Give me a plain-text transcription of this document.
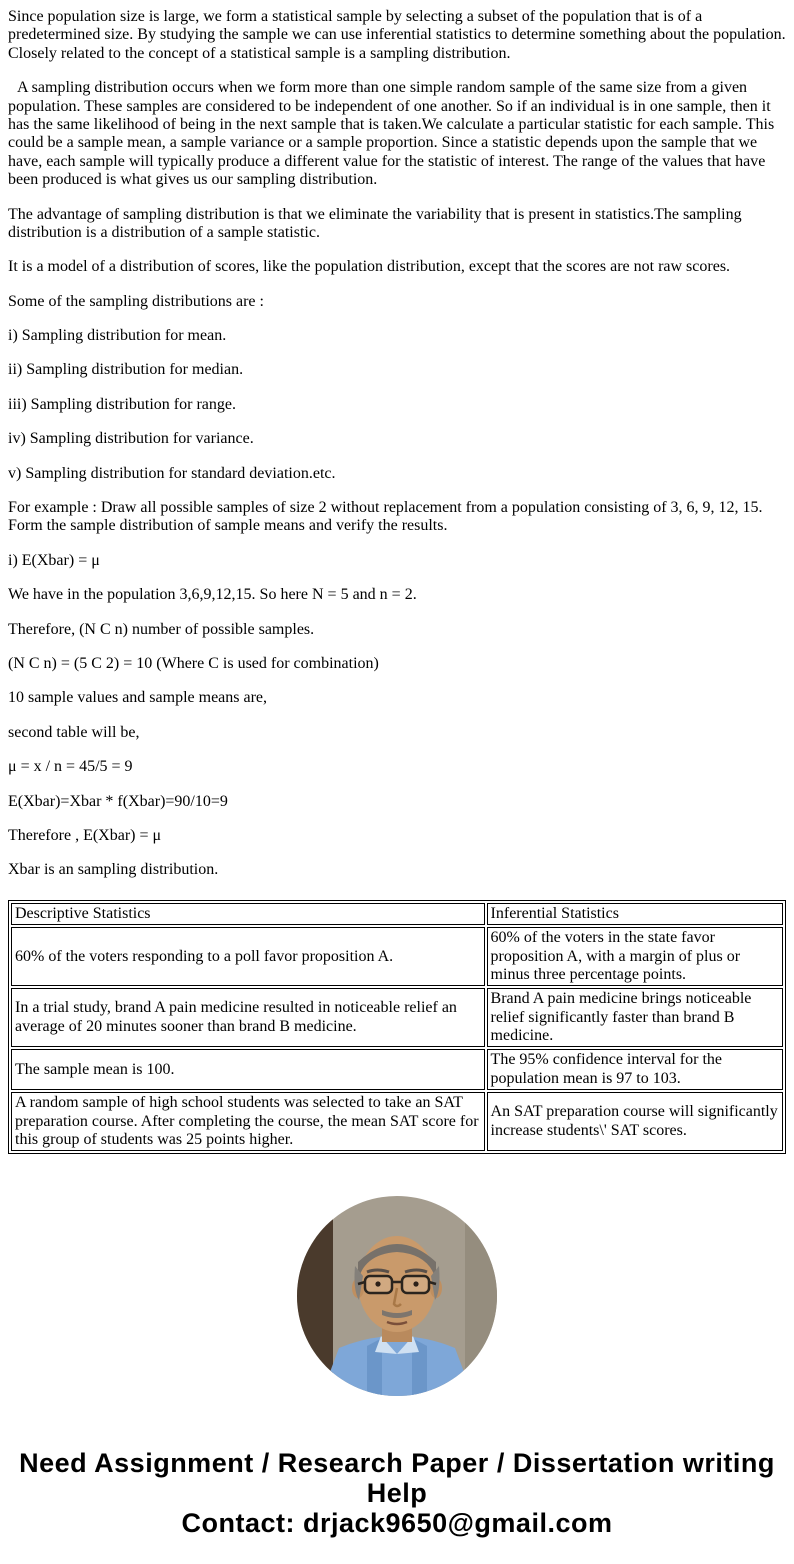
Since population size is large, we form a statistical sample by selecting a subset of the population that is of a predetermined size. By studying the sample we can use inferential statistics to determine something about the population. Closely related to the concept of a statistical sample is a sampling distribution.

A sampling distribution occurs when we form more than one simple random sample of the same size from a given population. These samples are considered to be independent of one another. So if an individual is in one sample, then it has the same likelihood of being in the next sample that is taken.We calculate a particular statistic for each sample. This could be a sample mean, a sample variance or a sample proportion. Since a statistic depends upon the sample that we have, each sample will typically produce a different value for the statistic of interest. The range of the values that have been produced is what gives us our sampling distribution.

The advantage of sampling distribution is that we eliminate the variability that is present in statistics.The sampling distribution is a distribution of a sample statistic.

It is a model of a distribution of scores, like the population distribution, except that the scores are not raw scores.

Some of the sampling distributions are :

i) Sampling distribution for mean.

ii) Sampling distribution for median.

iii) Sampling distribution for range.

iv) Sampling distribution for variance.

v) Sampling distribution for standard deviation.etc.

For example : Draw all possible samples of size 2 without replacement from a population consisting of 3, 6, 9, 12, 15. Form the sample distribution of sample means and verify the results.

i) E(Xbar) = μ

We have in the population 3,6,9,12,15. So here N = 5 and n = 2.

Therefore, (N C n) number of possible samples.

(N C n) = (5 C 2) = 10 (Where C is used for combination)

10 sample values and sample means are,

second table will be,

μ = x / n = 45/5 = 9

E(Xbar)=Xbar * f(Xbar)=90/10=9

Therefore , E(Xbar) = μ

Xbar is an sampling distribution.

Descriptive Statistics	Inferential Statistics
60% of the voters responding to a poll favor proposition A.	60% of the voters in the state favor proposition A, with a margin of plus or minus three percentage points.
In a trial study, brand A pain medicine resulted in noticeable relief an average of 20 minutes sooner than brand B medicine.	Brand A pain medicine brings noticeable relief significantly faster than brand B medicine.
The sample mean is 100.	The 95% confidence interval for the population mean is 97 to 103.
A random sample of high school students was selected to take an SAT preparation course. After completing the course, the mean SAT score for this group of students was 25 points higher.	An SAT preparation course will significantly increase students\' SAT scores.
Need Assignment / Research Paper / Dissertation writing Help
Contact: drjack9650@gmail.com
